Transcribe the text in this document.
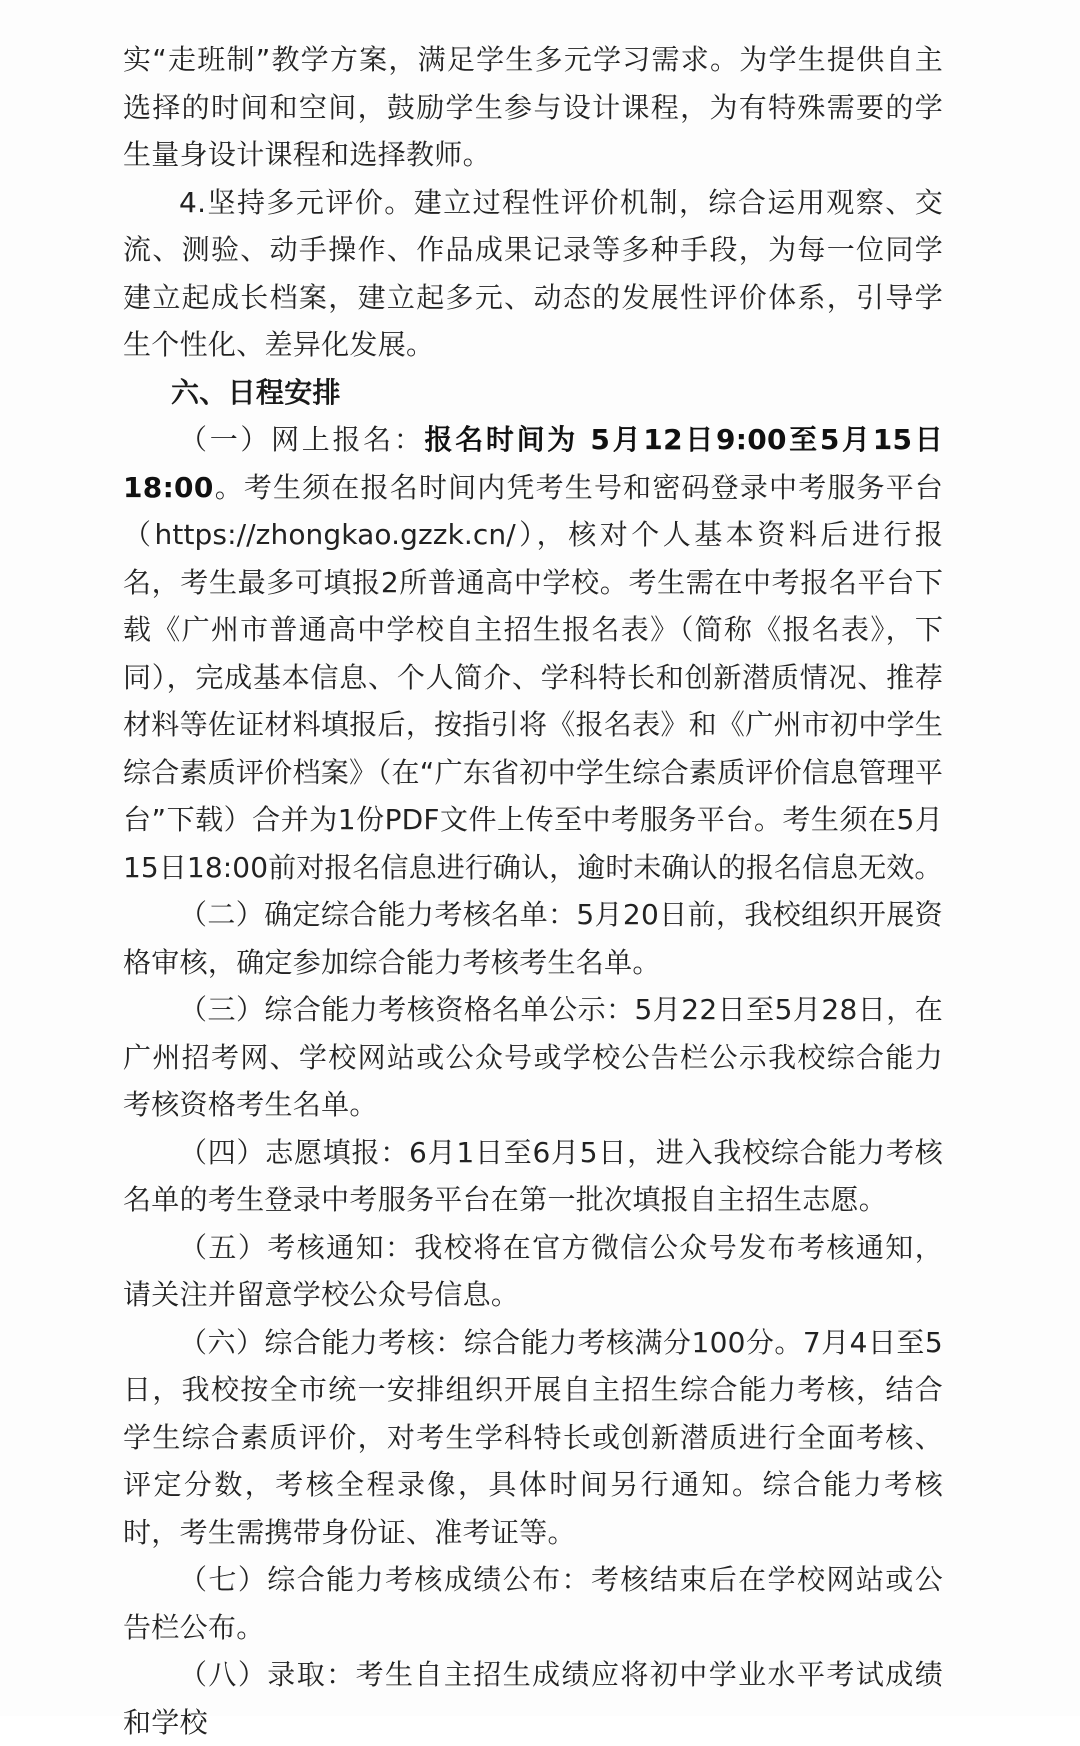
实“走班制”教学方案，满足学生多元学习需求。为学生提供自主选择的时间和空间，鼓励学生参与设计课程，为有特殊需要的学生量身设计课程和选择教师。

4.坚持多元评价。建立过程性评价机制，综合运用观察、交流、测验、动手操作、作品成果记录等多种手段，为每一位同学建立起成长档案，建立起多元、动态的发展性评价体系，引导学生个性化、差异化发展。

六、日程安排

（一）网上报名：报名时间为 5月12日9:00至5月15日18:00。考生须在报名时间内凭考生号和密码登录中考服务平台（https://zhongkao.gzzk.cn/），核对个人基本资料后进行报名，考生最多可填报2所普通高中学校。考生需在中考报名平台下载《广州市普通高中学校自主招生报名表》（简称《报名表》，下同），完成基本信息、个人简介、学科特长和创新潜质情况、推荐材料等佐证材料填报后，按指引将《报名表》和《广州市初中学生综合素质评价档案》（在“广东省初中学生综合素质评价信息管理平台”下载）合并为1份PDF文件上传至中考服务平台。考生须在5月15日18:00前对报名信息进行确认，逾时未确认的报名信息无效。

（二）确定综合能力考核名单：5月20日前，我校组织开展资格审核，确定参加综合能力考核考生名单。

（三）综合能力考核资格名单公示：5月22日至5月28日，在广州招考网、学校网站或公众号或学校公告栏公示我校综合能力考核资格考生名单。

（四）志愿填报：6月1日至6月5日，进入我校综合能力考核名单的考生登录中考服务平台在第一批次填报自主招生志愿。

（五）考核通知：我校将在官方微信公众号发布考核通知，请关注并留意学校公众号信息。

（六）综合能力考核：综合能力考核满分100分。7月4日至5日，我校按全市统一安排组织开展自主招生综合能力考核，结合学生综合素质评价，对考生学科特长或创新潜质进行全面考核、评定分数，考核全程录像，具体时间另行通知。综合能力考核时，考生需携带身份证、准考证等。

（七）综合能力考核成绩公布：考核结束后在学校网站或公告栏公布。

（八）录取：考生自主招生成绩应将初中学业水平考试成绩和学校
